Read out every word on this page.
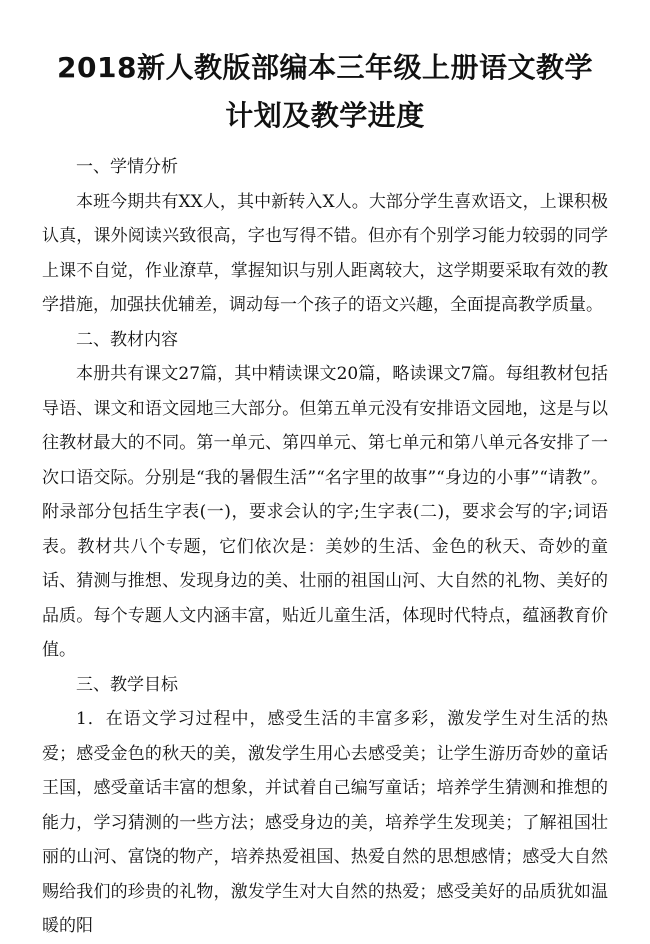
2018新人教版部编本三年级上册语文教学
计划及教学进度

一、学情分析

本班今期共有XX人，其中新转入X人。大部分学生喜欢语文，上课积极认真，课外阅读兴致很高，字也写得不错。但亦有个别学习能力较弱的同学上课不自觉，作业潦草，掌握知识与别人距离较大，这学期要采取有效的教学措施，加强扶优辅差，调动每一个孩子的语文兴趣，全面提高教学质量。

二、教材内容

本册共有课文27篇，其中精读课文20篇，略读课文7篇。每组教材包括导语、课文和语文园地三大部分。但第五单元没有安排语文园地，这是与以往教材最大的不同。第一单元、第四单元、第七单元和第八单元各安排了一次口语交际。分别是“我的暑假生活”“名字里的故事”“身边的小事”“请教”。附录部分包括生字表(一)，要求会认的字;生字表(二)，要求会写的字;词语表。教材共八个专题，它们依次是：美妙的生活、金色的秋天、奇妙的童话、猜测与推想、发现身边的美、壮丽的祖国山河、大自然的礼物、美好的品质。每个专题人文内涵丰富，贴近儿童生活，体现时代特点，蕴涵教育价值。

三、教学目标

1．在语文学习过程中，感受生活的丰富多彩，激发学生对生活的热爱；感受金色的秋天的美，激发学生用心去感受美；让学生游历奇妙的童话王国，感受童话丰富的想象，并试着自己编写童话；培养学生猜测和推想的能力，学习猜测的一些方法；感受身边的美，培养学生发现美；了解祖国壮丽的山河、富饶的物产，培养热爱祖国、热爱自然的思想感情；感受大自然赐给我们的珍贵的礼物，激发学生对大自然的热爱；感受美好的品质犹如温暖的阳
